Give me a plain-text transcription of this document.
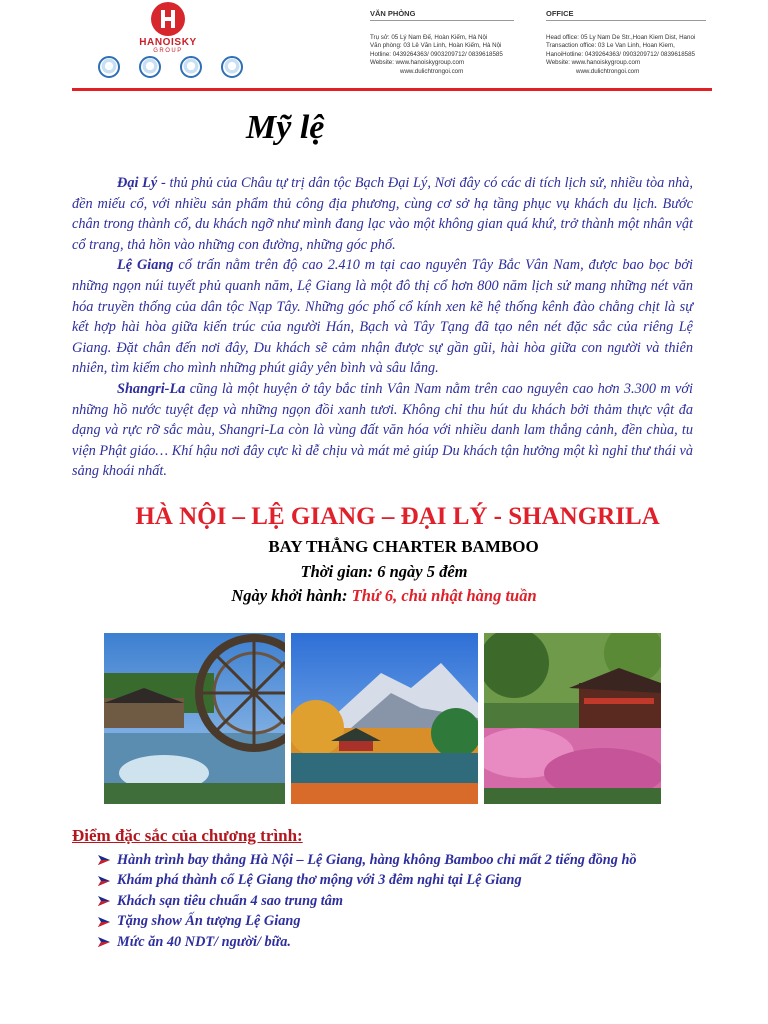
HANOISKY
GROUP
VĂN PHÒNG
Trụ sở: 05 Lý Nam Đế, Hoàn Kiếm, Hà Nội
Văn phòng: 03 Lê Văn Linh, Hoàn Kiếm, Hà Nội
Hotline: 0439264363/ 0903209712/ 0839618585
Website: www.hanoiskygroup.com
www.dulichtrongoi.com
OFFICE
Head office: 05 Ly Nam De Str.,Hoan Kiem Dist, Hanoi
Transaction office: 03 Le Van Linh, Hoan Kiem,
HanoiHotline: 0439264363/ 0903209712/ 0839618585
Website: www.hanoiskygroup.com
www.dulichtrongoi.com
Mỹ lệ

Đại Lý - thủ phủ của Châu tự trị dân tộc Bạch Đại Lý, Nơi đây có các di tích lịch sử, nhiều tòa nhà, đền miếu cổ, với nhiều sản phẩm thủ công địa phương, cùng cơ sở hạ tầng phục vụ khách du lịch. Bước chân trong thành cổ, du khách ngỡ như mình đang lạc vào một không gian quá khứ, trở thành một nhân vật cổ trang, thả hồn vào những con đường, những góc phố.

Lệ Giang cổ trấn nằm trên độ cao 2.410 m tại cao nguyên Tây Bắc Vân Nam, được bao bọc bởi những ngọn núi tuyết phủ quanh năm, Lệ Giang là một đô thị cổ hơn 800 năm lịch sử mang những nét văn hóa truyền thống của dân tộc Nạp Tây. Những góc phố cổ kính xen kẽ hệ thống kênh đào chằng chịt là sự kết hợp hài hòa giữa kiến trúc của người Hán, Bạch và Tây Tạng đã tạo nên nét đặc sắc của riêng Lệ Giang. Đặt chân đến nơi đây, Du khách sẽ cảm nhận được sự gần gũi, hài hòa giữa con người và thiên nhiên, tìm kiếm cho mình những phút giây yên bình và sâu lắng.

Shangri-La cũng là một huyện ở tây bắc tỉnh Vân Nam nằm trên cao nguyên cao hơn 3.300 m với những hồ nước tuyệt đẹp và những ngọn đồi xanh tươi. Không chỉ thu hút du khách bởi thảm thực vật đa dạng và rực rỡ sắc màu, Shangri-La còn là vùng đất văn hóa với nhiều danh lam thắng cảnh, đền chùa, tu viện Phật giáo… Khí hậu nơi đây cực kì dễ chịu và mát mẻ giúp Du khách tận hưởng một kì nghỉ thư thái và sảng khoái nhất.

HÀ NỘI – LỆ GIANG – ĐẠI LÝ - SHANGRILA
BAY THẲNG CHARTER BAMBOO
Thời gian: 6 ngày 5 đêm
Ngày khởi hành: Thứ 6, chủ nhật hàng tuần
Điểm đặc sắc của chương trình:
Hành trình bay thẳng Hà Nội – Lệ Giang, hàng không Bamboo chỉ mất 2 tiếng đồng hồ
Khám phá thành cổ Lệ Giang thơ mộng với 3 đêm nghỉ tại Lệ Giang
Khách sạn tiêu chuẩn 4 sao trung tâm
Tặng show Ấn tượng Lệ Giang
Mức ăn 40 NDT/ người/ bữa.
